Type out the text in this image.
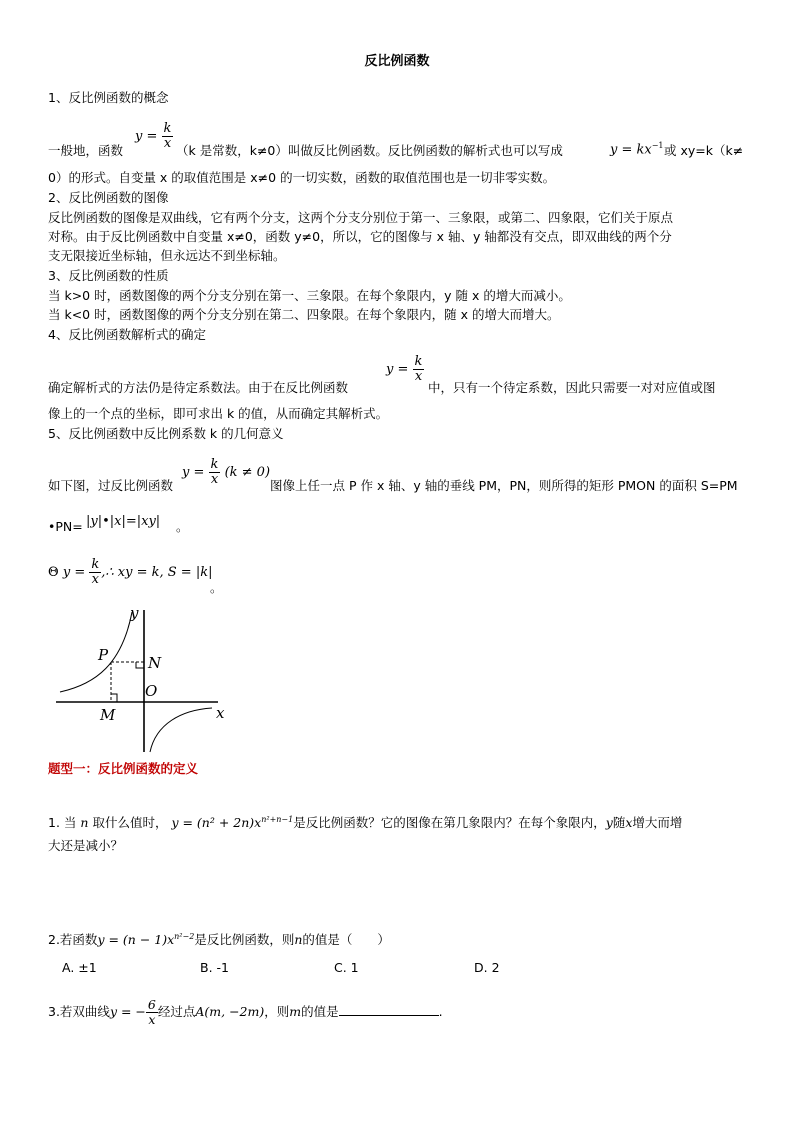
反比例函数
1、反比例函数的概念
$y = \frac{k}{x}$
一般地，函数	（k 是常数，k≠0）叫做反比例函数。反比例函数的解析式也可以写成	$y = kx^{-1}$ 或 xy=k（k≠
0）的形式。自变量 x 的取值范围是 x≠0 的一切实数，函数的取值范围也是一切非零实数。
2、反比例函数的图像
反比例函数的图像是双曲线，它有两个分支，这两个分支分别位于第一、三象限，或第二、四象限，它们关于原点
对称。由于反比例函数中自变量 x≠0，函数 y≠0，所以，它的图像与 x 轴、y 轴都没有交点，即双曲线的两个分
支无限接近坐标轴，但永远达不到坐标轴。
3、反比例函数的性质
当 k>0 时，函数图像的两个分支分别在第一、三象限。在每个象限内，y 随 x 的增大而减小。
当 k<0 时，函数图像的两个分支分别在第二、四象限。在每个象限内，随 x 的增大而增大。
4、反比例函数解析式的确定
$y = \frac{k}{x}$
确定解析式的方法仍是待定系数法。由于在反比例函数	中，只有一个待定系数，因此只需要一对对应值或图
像上的一个点的坐标，即可求出 k 的值，从而确定其解析式。
5、反比例函数中反比例系数 k 的几何意义
$y = \frac{k}{x} (k \ne 0)$
如下图，过反比例函数	图像上任一点 P 作 x 轴、y 轴的垂线 PM，PN，则所得的矩形 PMON 的面积 S=PM
•PN= |y|•|x|=|xy| 。
Θ $y = \frac{k}{x}$ ,∴ xy = k, S = |k|
。
y
x
P	N
O
M
题型一：反比例函数的定义
1. 当 n 取什么值时， $y = (n^2 + 2n)x^{n^2+n-1}$是反比例函数？它的图像在第几象限内？在每个象限内，y随x增大而增
大还是减小？
2.若函数$y = (n - 1)x^{n^2-2}$是反比例函数，则n的值是（　　）
A. ±1	B. -1	C. 1	D. 2
3.若双曲线y = − $\frac{6}{x}$ 经过点A(m, −2m)，则m的值是	.
